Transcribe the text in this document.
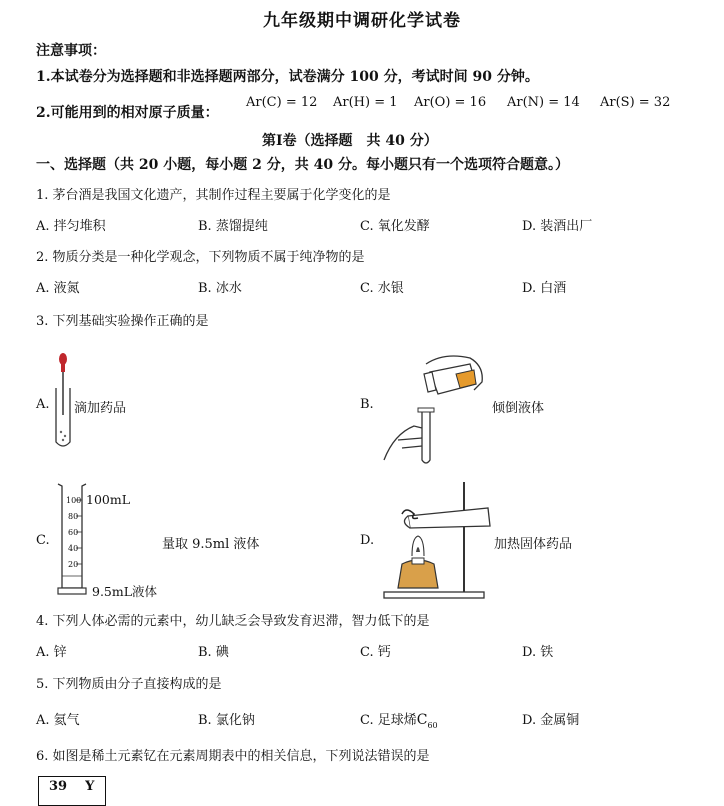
九年级期中调研化学试卷
注意事项：
1.本试卷分为选择题和非选择题两部分，试卷满分 100 分，考试时间 90 分钟。
2.可能用到的相对原子质量：
Ar(C) = 12 Ar(H) = 1 Ar(O) = 16 Ar(N) = 14 Ar(S) = 32
第Ⅰ卷（选择题　共 40 分）
一、选择题（共 20 小题，每小题 2 分，共 40 分。每小题只有一个选项符合题意。）
1. 茅台酒是我国文化遗产，其制作过程主要属于化学变化的是
A. 拌匀堆积	B. 蒸馏提纯	C. 氧化发酵	D. 装酒出厂
2. 物质分类是一种化学观念，下列物质不属于纯净物的是
A. 液氮	B. 冰水	C. 水银	D. 白酒
3. 下列基础实验操作正确的是
A. 滴加药品	B.	倾倒液体
C.
100
80
60
40
20
100mL
9.5mL液体
量取 9.5ml 液体	D.	加热固体药品
4. 下列人体必需的元素中，幼儿缺乏会导致发育迟滞，智力低下的是
A. 锌	B. 碘	C. 钙	D. 铁
5. 下列物质由分子直接构成的是
A. 氦气	B. 氯化钠	C. 足球烯$C_{60}$	D. 金属铜
6. 如图是稀土元素钇在元素周期表中的相关信息，下列说法错误的是
39 Y
